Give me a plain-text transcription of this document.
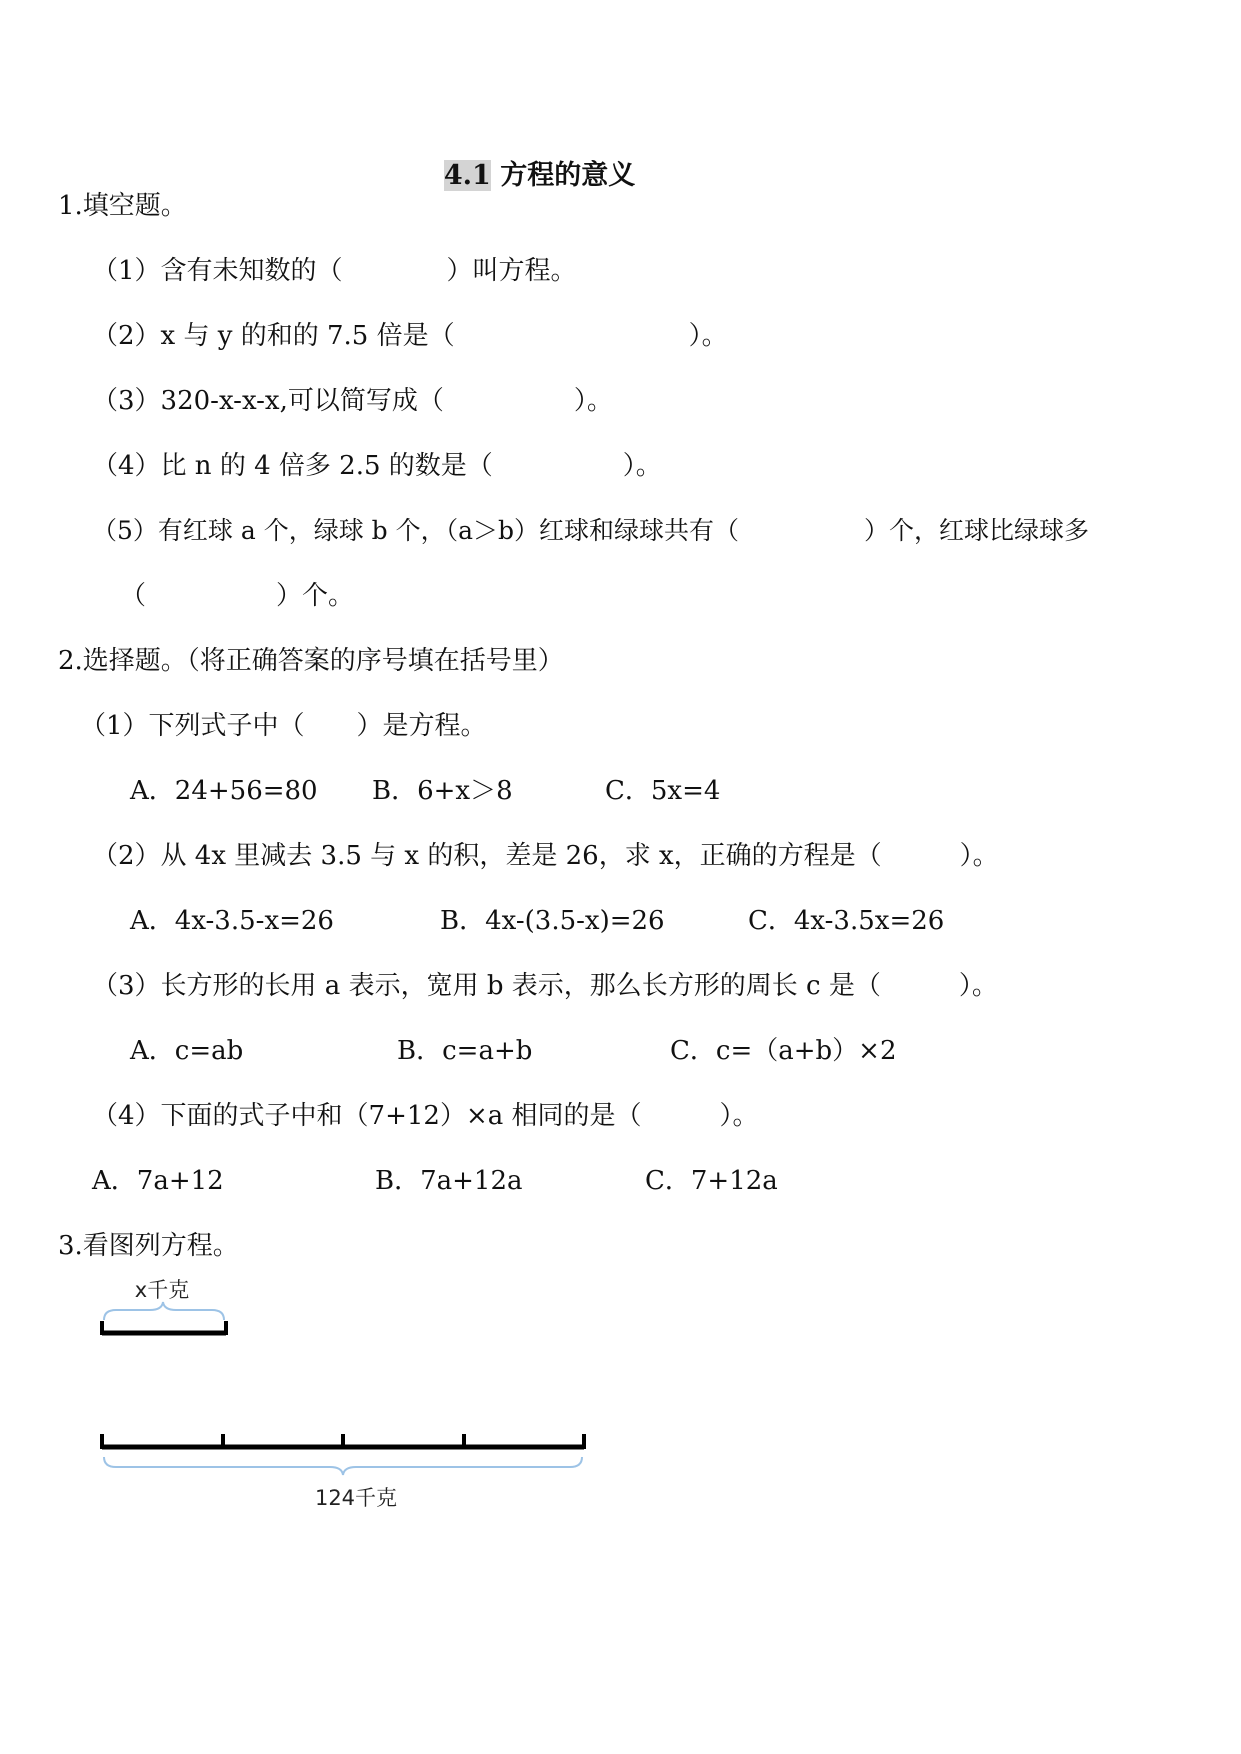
4.1 方程的意义

1.填空题。
（1）含有未知数的（　　　　）叫方程。
（2）x 与 y 的和的 7.5 倍是（　　　　　　　　　）。
（3）320-x-x-x,可以简写成（　　　　　）。
（4）比 n 的 4 倍多 2.5 的数是（　　　　　）。
（5）有红球 a 个，绿球 b 个，（a＞b）红球和绿球共有（　　　　　）个，红球比绿球多
（　　　　　）个。
2.选择题。（将正确答案的序号填在括号里）
（1）下列式子中（　　）是方程。
A．24+56=80 B．6+x＞8	C．5x=4
（2）从 4x 里减去 3.5 与 x 的积，差是 26，求 x，正确的方程是（　　　）。
A．4x-3.5-x=26	B．4x-(3.5-x)=26	C．4x-3.5x=26
（3）长方形的长用 a 表示，宽用 b 表示，那么长方形的周长 c 是（　　　）。
A．c=ab	B．c=a+b	C．c=（a+b）×2
（4）下面的式子中和（7+12）×a 相同的是（　　　）。
A．7a+12	B．7a+12a	C．7+12a
3.看图列方程。
x千克
124千克
